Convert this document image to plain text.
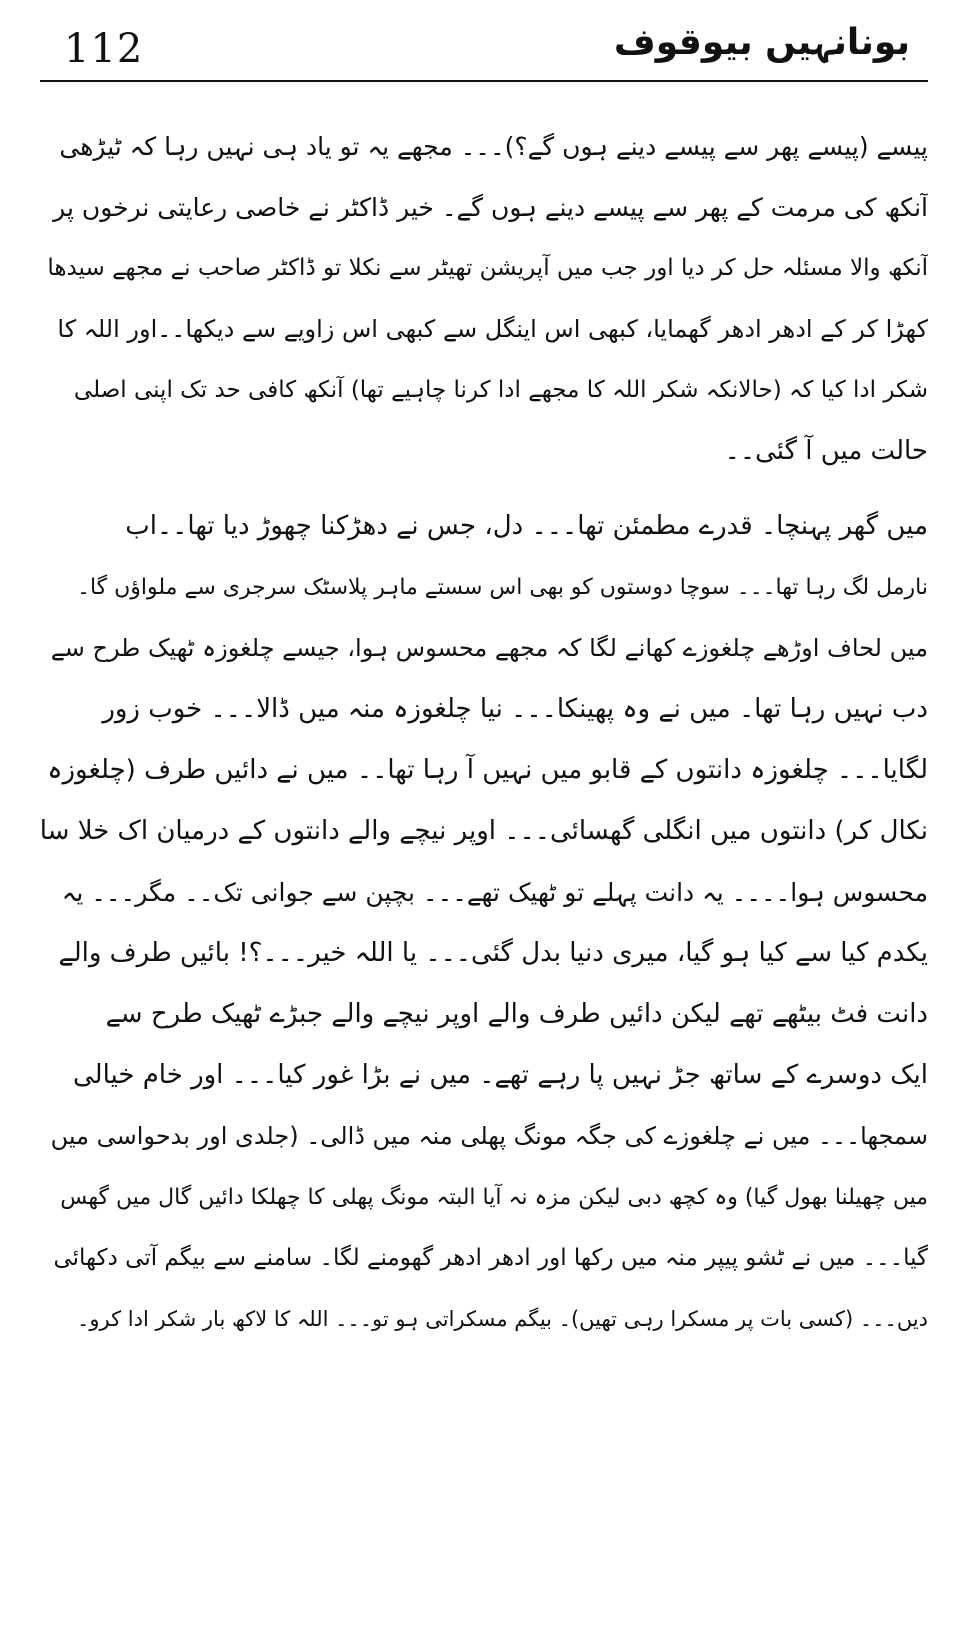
112	بونانہیں بیوقوف
پیسے (پیسے پھر سے پیسے دینے ہوں گے؟)۔۔۔ مجھے یہ تو یاد ہی نہیں رہا کہ ٹیڑھی
آنکھ کی مرمت کے پھر سے پیسے دینے ہوں گے۔ خیر ڈاکٹر نے خاصی رعایتی نرخوں پر
آنکھ والا مسئلہ حل کر دیا اور جب میں آپریشن تھیٹر سے نکلا تو ڈاکٹر صاحب نے مجھے سیدھا
کھڑا کر کے ادھر ادھر گھمایا، کبھی اس اینگل سے کبھی اس زاویے سے دیکھا۔۔اور اللہ کا
شکر ادا کیا کہ (حالانکہ شکر اللہ کا مجھے ادا کرنا چاہیے تھا) آنکھ کافی حد تک اپنی اصلی
حالت میں آ گئی۔۔
میں گھر پہنچا۔ قدرے مطمئن تھا۔۔۔ دل، جس نے دھڑکنا چھوڑ دیا تھا۔۔اب
نارمل لگ رہا تھا۔۔۔ سوچا دوستوں کو بھی اس سستے ماہر پلاسٹک سرجری سے ملواؤں گا۔
میں لحاف اوڑھے چلغوزے کھانے لگا کہ مجھے محسوس ہوا، جیسے چلغوزہ ٹھیک طرح سے
دب نہیں رہا تھا۔ میں نے وہ پھینکا۔۔۔ نیا چلغوزہ منہ میں ڈالا۔۔۔ خوب زور
لگایا۔۔۔ چلغوزہ دانتوں کے قابو میں نہیں آ رہا تھا۔۔ میں نے دائیں طرف (چلغوزہ
نکال کر) دانتوں میں انگلی گھسائی۔۔۔ اوپر نیچے والے دانتوں کے درمیان اک خلا سا
محسوس ہوا۔۔۔۔ یہ دانت پہلے تو ٹھیک تھے۔۔۔ بچپن سے جوانی تک۔۔ مگر۔۔۔ یہ
یکدم کیا سے کیا ہو گیا، میری دنیا بدل گئی۔۔۔ یا اللہ خیر۔۔۔؟! بائیں طرف والے
دانت فٹ بیٹھے تھے لیکن دائیں طرف والے اوپر نیچے والے جبڑے ٹھیک طرح سے
ایک دوسرے کے ساتھ جڑ نہیں پا رہے تھے۔ میں نے بڑا غور کیا۔۔۔ اور خام خیالی
سمجھا۔۔۔ میں نے چلغوزے کی جگہ مونگ پھلی منہ میں ڈالی۔ (جلدی اور بدحواسی میں
میں چھیلنا بھول گیا) وہ کچھ دبی لیکن مزہ نہ آیا البتہ مونگ پھلی کا چھلکا دائیں گال میں گھس
گیا۔۔۔ میں نے ٹشو پیپر منہ میں رکھا اور ادھر ادھر گھومنے لگا۔ سامنے سے بیگم آتی دکھائی
دیں۔۔۔ (کسی بات پر مسکرا رہی تھیں)۔ بیگم مسکراتی ہو تو۔۔۔ اللہ کا لاکھ بار شکر ادا کرو۔
